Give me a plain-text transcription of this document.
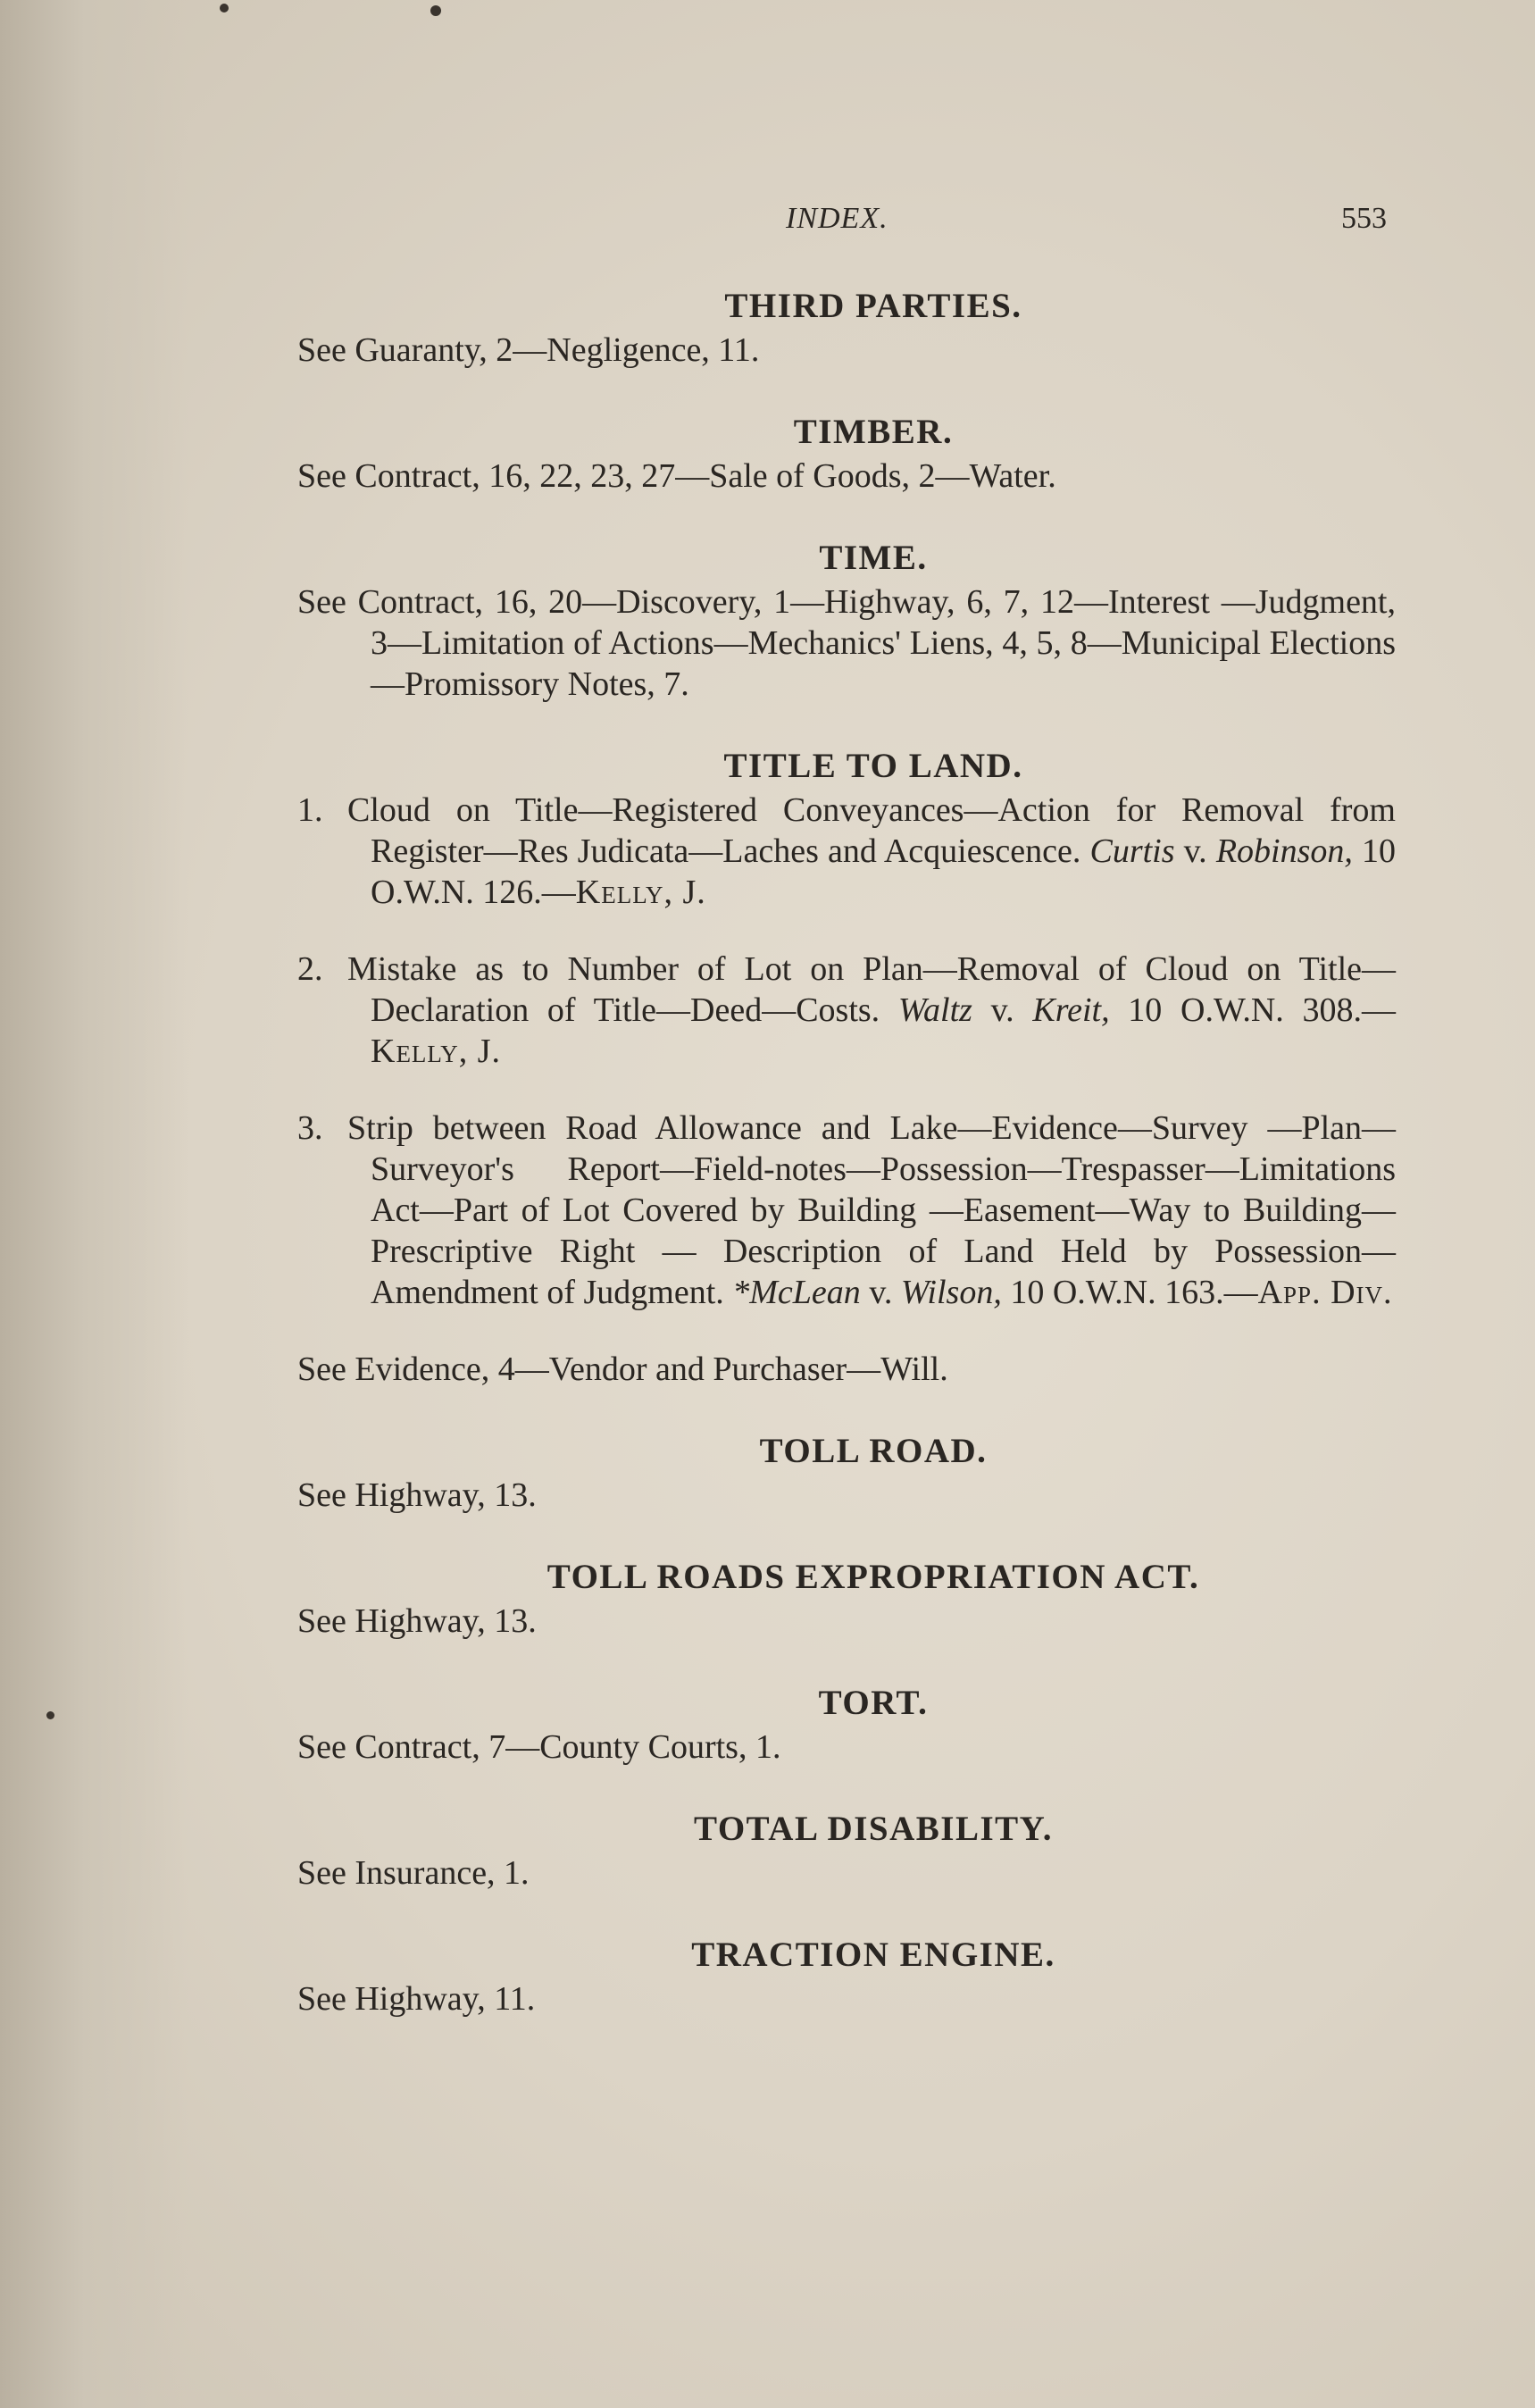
INDEX.	553
THIRD PARTIES.

See Guaranty, 2—Negligence, 11.

TIMBER.

See Contract, 16, 22, 23, 27—Sale of Goods, 2—Water.

TIME.

See Contract, 16, 20—Discovery, 1—Highway, 6, 7, 12—Interest —Judgment, 3—Limitation of Actions—Mechanics' Liens, 4, 5, 8—Municipal Elections—Promissory Notes, 7.

TITLE TO LAND.

1. Cloud on Title—Registered Conveyances—Action for Removal from Register—Res Judicata—Laches and Acquiescence. Curtis v. Robinson, 10 O.W.N. 126.—Kelly, J.

2. Mistake as to Number of Lot on Plan—Removal of Cloud on Title—Declaration of Title—Deed—Costs. Waltz v. Kreit, 10 O.W.N. 308.—Kelly, J.

3. Strip between Road Allowance and Lake—Evidence—Survey —Plan—Surveyor's Report—Field-notes—Possession—Trespasser—Limitations Act—Part of Lot Covered by Building —Easement—Way to Building—Prescriptive Right — Description of Land Held by Possession—Amendment of Judgment. *McLean v. Wilson, 10 O.W.N. 163.—App. Div.

See Evidence, 4—Vendor and Purchaser—Will.

TOLL ROAD.

See Highway, 13.

TOLL ROADS EXPROPRIATION ACT.

See Highway, 13.

TORT.

See Contract, 7—County Courts, 1.

TOTAL DISABILITY.

See Insurance, 1.

TRACTION ENGINE.

See Highway, 11.
